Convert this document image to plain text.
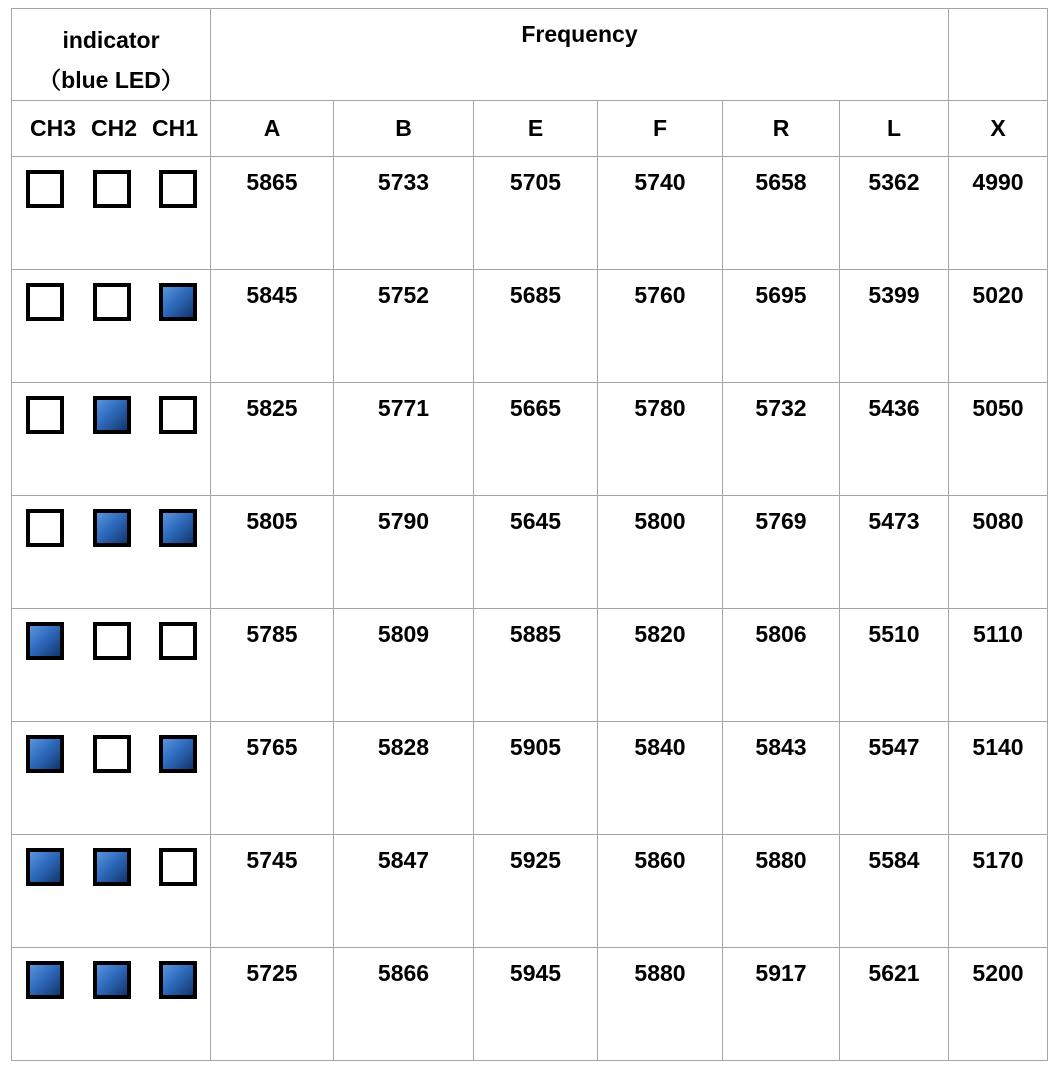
indicator
（blue LED）	Frequency						

CH3 CH2 CH1	A	B	E	F	R	L	X

	5865	5733	5705	5740	5658	5362	4990

	5845	5752	5685	5760	5695	5399	5020

	5825	5771	5665	5780	5732	5436	5050

	5805	5790	5645	5800	5769	5473	5080

	5785	5809	5885	5820	5806	5510	5110

	5765	5828	5905	5840	5843	5547	5140

	5745	5847	5925	5860	5880	5584	5170

	5725	5866	5945	5880	5917	5621	5200
